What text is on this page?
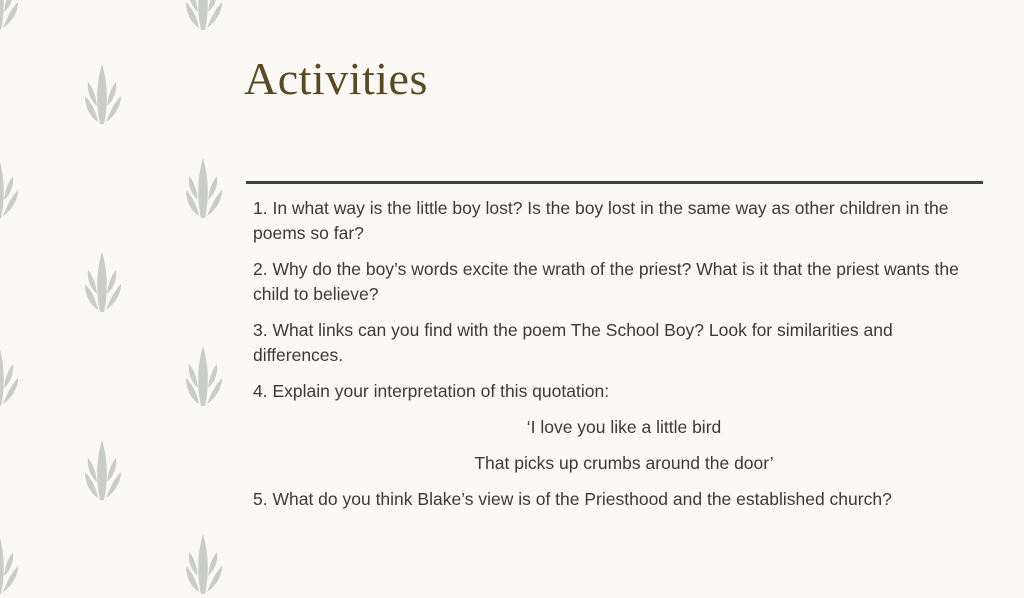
Activities

1. In what way is the little boy lost? Is the boy lost in the same way as other children in the poems so far?

2. Why do the boy’s words excite the wrath of the priest? What is it that the priest wants the child to believe?

3. What links can you find with the poem The School Boy? Look for similarities and differences.

4. Explain your interpretation of this quotation:

‘I love you like a little bird

That picks up crumbs around the door’

5. What do you think Blake’s view is of the Priesthood and the established church?
